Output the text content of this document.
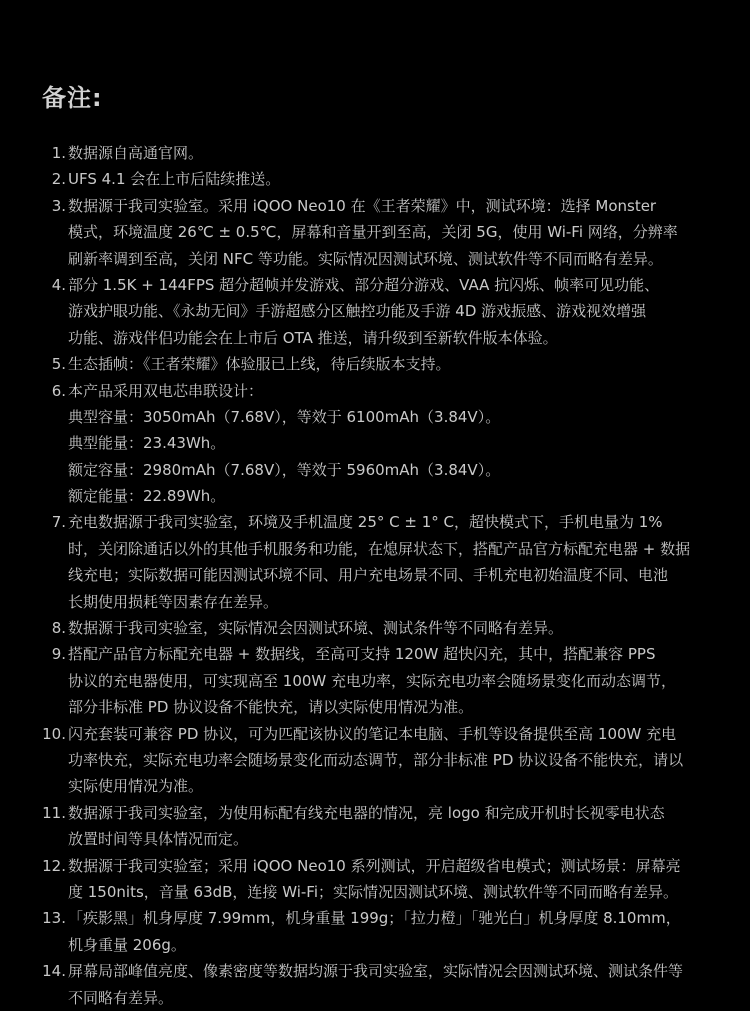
备注:
1. 数据源自高通官网。
2. UFS 4.1 会在上市后陆续推送。
3. 数据源于我司实验室。采用 iQOO Neo10 在《王者荣耀》中，测试环境：选择 Monster
模式，环境温度 26℃ ± 0.5℃，屏幕和音量开到至高，关闭 5G，使用 Wi-Fi 网络，分辨率
刷新率调到至高，关闭 NFC 等功能。实际情况因测试环境、测试软件等不同而略有差异。
4. 部分 1.5K + 144FPS 超分超帧并发游戏、部分超分游戏、VAA 抗闪烁、帧率可见功能、
游戏护眼功能、《永劫无间》手游超感分区触控功能及手游 4D 游戏振感、游戏视效增强
功能、游戏伴侣功能会在上市后 OTA 推送，请升级到至新软件版本体验。
5. 生态插帧：《王者荣耀》体验服已上线，待后续版本支持。
6. 本产品采用双电芯串联设计：
典型容量：3050mAh（7.68V），等效于 6100mAh（3.84V）。
典型能量：23.43Wh。
额定容量：2980mAh（7.68V），等效于 5960mAh（3.84V）。
额定能量：22.89Wh。
7. 充电数据源于我司实验室，环境及手机温度 25° C ± 1° C，超快模式下，手机电量为 1%
时，关闭除通话以外的其他手机服务和功能，在熄屏状态下，搭配产品官方标配充电器 + 数据
线充电；实际数据可能因测试环境不同、用户充电场景不同、手机充电初始温度不同、电池
长期使用损耗等因素存在差异。
8. 数据源于我司实验室，实际情况会因测试环境、测试条件等不同略有差异。
9. 搭配产品官方标配充电器 + 数据线，至高可支持 120W 超快闪充，其中，搭配兼容 PPS
协议的充电器使用，可实现高至 100W 充电功率，实际充电功率会随场景变化而动态调节，
部分非标准 PD 协议设备不能快充，请以实际使用情况为准。
10. 闪充套装可兼容 PD 协议，可为匹配该协议的笔记本电脑、手机等设备提供至高 100W 充电
功率快充，实际充电功率会随场景变化而动态调节，部分非标准 PD 协议设备不能快充，请以
实际使用情况为准。
11. 数据源于我司实验室，为使用标配有线充电器的情况，亮 logo 和完成开机时长视零电状态
放置时间等具体情况而定。
12. 数据源于我司实验室；采用 iQOO Neo10 系列测试，开启超级省电模式；测试场景：屏幕亮
度 150nits，音量 63dB，连接 Wi-Fi；实际情况因测试环境、测试软件等不同而略有差异。
13. 「疾影黑」机身厚度 7.99mm，机身重量 199g；「拉力橙」「驰光白」机身厚度 8.10mm，
机身重量 206g。
14. 屏幕局部峰值亮度、像素密度等数据均源于我司实验室，实际情况会因测试环境、测试条件等
不同略有差异。
